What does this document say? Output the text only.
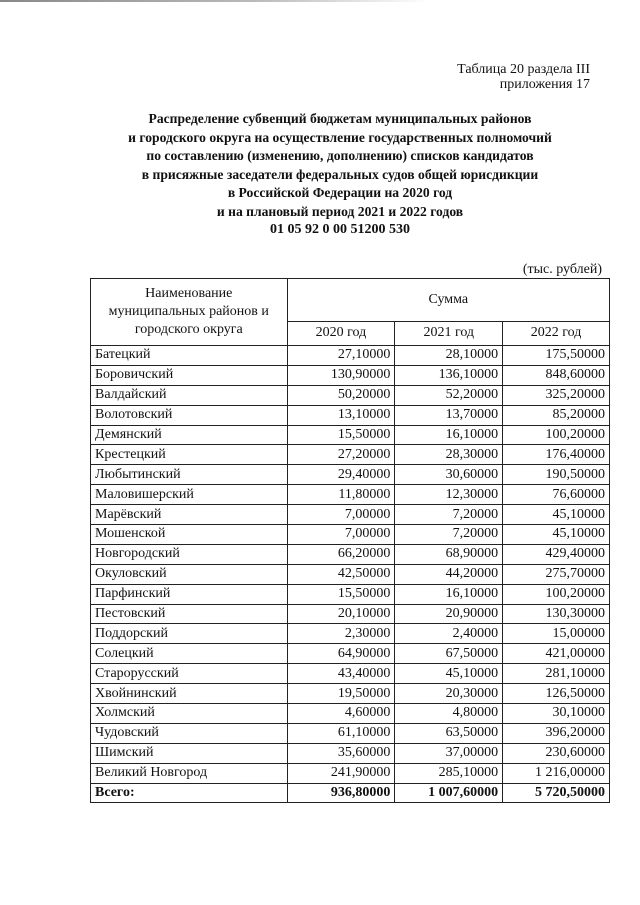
Таблица 20 раздела III
приложения 17
Распределение субвенций бюджетам муниципальных районов
и городского округа на осуществление государственных полномочий
по составлению (изменению, дополнению) списков кандидатов
в присяжные заседатели федеральных судов общей юрисдикции
в Российской Федерации на 2020 год
и на плановый период 2021 и 2022 годов
01 05 92 0 00 51200 530
(тыс. рублей)
Наименование муниципальных районов и городского округа	Сумма		
	2020 год	2021 год	2022 год
Батецкий	27,10000	28,10000	175,50000
Боровичский	130,90000	136,10000	848,60000
Валдайский	50,20000	52,20000	325,20000
Волотовский	13,10000	13,70000	85,20000
Демянский	15,50000	16,10000	100,20000
Крестецкий	27,20000	28,30000	176,40000
Любытинский	29,40000	30,60000	190,50000
Маловишерский	11,80000	12,30000	76,60000
Марёвский	7,00000	7,20000	45,10000
Мошенской	7,00000	7,20000	45,10000
Новгородский	66,20000	68,90000	429,40000
Окуловский	42,50000	44,20000	275,70000
Парфинский	15,50000	16,10000	100,20000
Пестовский	20,10000	20,90000	130,30000
Поддорский	2,30000	2,40000	15,00000
Солецкий	64,90000	67,50000	421,00000
Старорусский	43,40000	45,10000	281,10000
Хвойнинский	19,50000	20,30000	126,50000
Холмский	4,60000	4,80000	30,10000
Чудовский	61,10000	63,50000	396,20000
Шимский	35,60000	37,00000	230,60000
Великий Новгород	241,90000	285,10000	1 216,00000
Всего:	936,80000	1 007,60000	5 720,50000
